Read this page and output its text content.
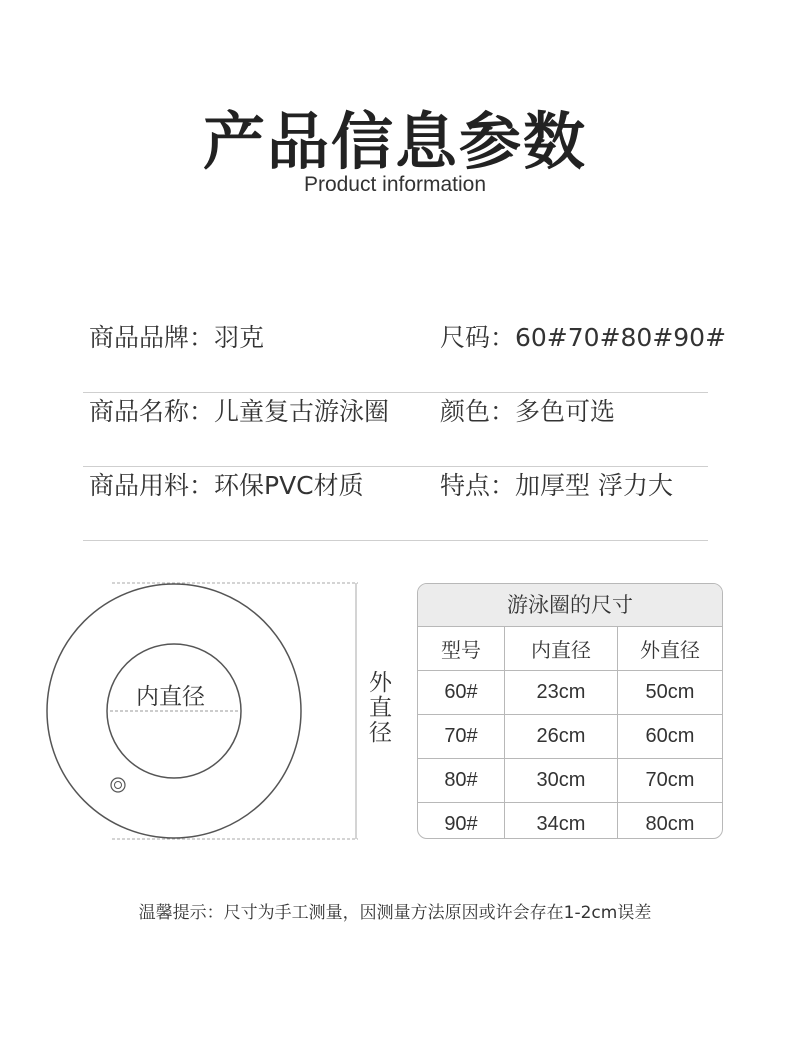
产品信息参数
Product information
商品品牌：羽克	尺码：60#70#80#90#
商品名称：儿童复古游泳圈 颜色：多色可选
商品用料：环保PVC材质	特点：加厚型 浮力大
内直径	外直径
游泳圈的尺寸
型号	内直径	外直径
60#	23cm	50cm
70#	26cm	60cm
80#	30cm	70cm
90#	34cm	80cm
温馨提示：尺寸为手工测量，因测量方法原因或许会存在1-2cm误差
